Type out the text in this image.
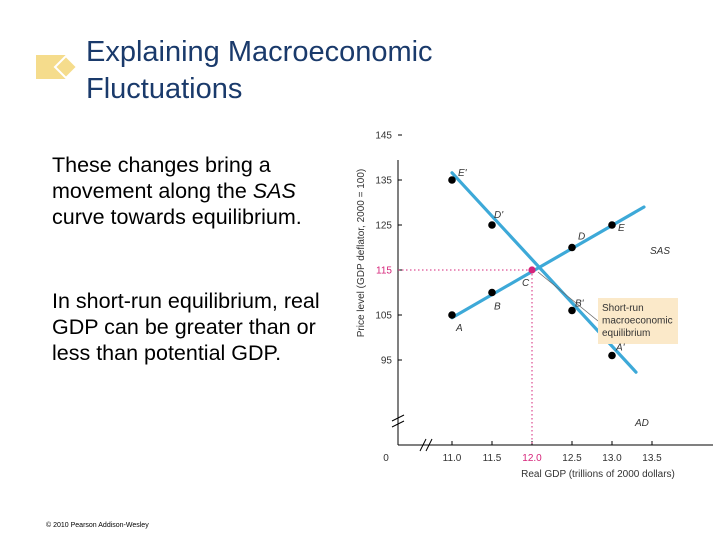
Explaining Macroeconomic
Fluctuations
These changes bring a movement along the SAS curve towards equilibrium.
In short-run equilibrium, real GDP can be greater than or less than potential GDP.	95
105
115
125
135
145
11.0 11.5 12.0 12.5 13.0 13.5
0
Real GDP (trillions of 2000 dollars)
Price level (GDP deflator, 2000 = 100)	SAS
AD
Short-run
macroeconomic
equilibrium
A
B
C
D
E
E'
D'
B'
A'
© 2010 Pearson Addison-Wesley
